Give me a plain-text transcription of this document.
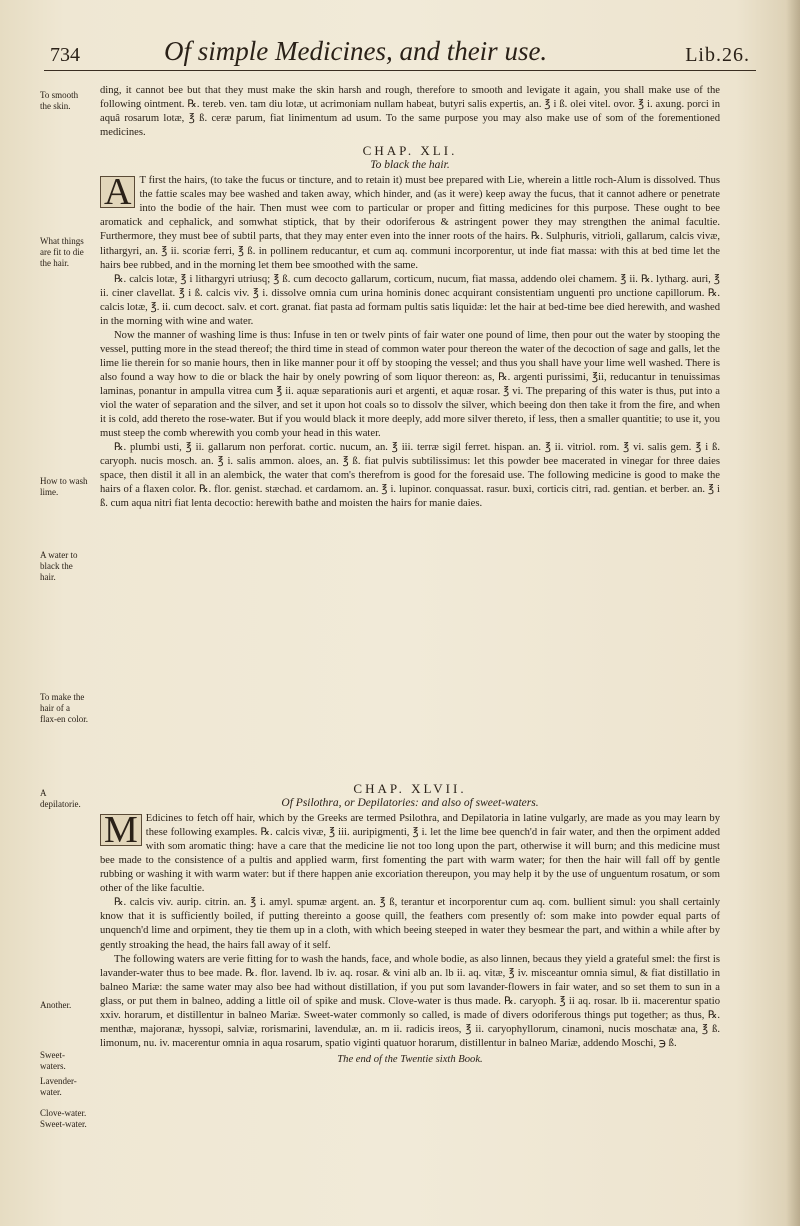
734	Of simple Medicines, and their use.	Lib.26.
To smooth the skin.
What things are fit to die the hair.
How to wash lime.
A water to black the hair.
To make the hair of a flax-en color.
A depilatorie.
Another.
Sweet-waters.
Lavender-water.
Clove-water. Sweet-water.

ding, it cannot bee but that they must make the skin harsh and rough, therefore to smooth and levigate it again, you shall make use of the following ointment. ℞. tereb. ven. tam diu lotæ, ut acrimoniam nullam habeat, butyri salis expertis, an. ℥ i ß. olei vitel. ovor. ℥ i. axung. porci in aquâ rosarum lotæ, ℥ ß. ceræ parum, fiat linimentum ad usum. To the same purpose you may also make use of som of the forementioned medicines.

CHAP. XLI.
To black the hair.

A T first the hairs, (to take the fucus or tincture, and to retain it) must bee prepared with Lie, wherein a little roch-Alum is dissolved. Thus the fattie scales may bee washed and taken away, which hinder, and (as it were) keep away the fucus, that it cannot adhere or penetrate into the bodie of the hair. Then must wee com to particular or proper and fitting medicines for this purpose. These ought to bee aromatick and cephalick, and somwhat stiptick, that by their odoriferous & astringent power they may strengthen the animal facultie. Furthermore, they must bee of subtil parts, that they may enter even into the inner roots of the hairs. ℞. Sulphuris, vitrioli, gallarum, calcis vivæ, lithargyri, an. ℥ ii. scoriæ ferri, ℥ ß. in pollinem reducantur, et cum aq. communi incorporentur, ut inde fiat massa: with this at bed time let the hairs bee rubbed, and in the morning let them bee smoothed with the same.

℞. calcis lotæ, ℥ i lithargyri utriusq; ℥ ß. cum decocto gallarum, corticum, nucum, fiat massa, addendo olei chamem. ℥ ii. ℞. lytharg. auri, ℥ ii. ciner clavellat. ℥ i ß. calcis viv. ℥ i. dissolve omnia cum urina hominis donec acquirant consistentiam unguenti pro unctione capillorum. ℞. calcis lotæ, ℥. ii. cum decoct. salv. et cort. granat. fiat pasta ad formam pultis satis liquidæ: let the hair at bed-time bee died herewith, and washed in the morning with wine and water.

Now the manner of washing lime is thus: Infuse in ten or twelv pints of fair water one pound of lime, then pour out the water by stooping the vessel, putting more in the stead thereof; the third time in stead of common water pour thereon the water of the decoction of sage and galls, let the lime lie therein for so manie hours, then in like manner pour it off by stooping the vessel; and thus you shall have your lime well washed. There is also found a way how to die or black the hair by onely powring of som liquor thereon: as, ℞. argenti purissimi, ℥ii, reducantur in tenuissimas laminas, ponantur in ampulla vitrea cum ℥ ii. aquæ separationis auri et argenti, et aquæ rosar. ℥ vi. The preparing of this water is thus, put into a viol the water of separation and the silver, and set it upon hot coals so to dissolv the silver, which beeing don then take it from the fire, and when it is cold, add thereto the rose-water. But if you would black it more deeply, add more silver thereto, if less, then a smaller quantitie; to use it, you must steep the comb wherewith you comb your head in this water.

℞. plumbi usti, ℥ ii. gallarum non perforat. cortic. nucum, an. ℥ iii. terræ sigil ferret. hispan. an. ℥ ii. vitriol. rom. ℥ vi. salis gem. ℥ i ß. caryoph. nucis mosch. an. ℥ i. salis ammon. aloes, an. ℥ ß. fiat pulvis subtilissimus: let this powder bee macerated in vinegar for three daies space, then distil it all in an alembick, the water that com's therefrom is good for the foresaid use. The following medicine is good to make the hairs of a flaxen color. ℞. flor. genist. stæchad. et cardamom. an. ℥ i. lupinor. conquassat. rasur. buxi, corticis citri, rad. gentian. et berber. an. ℥ i ß. cum aqua nitri fiat lenta decoctio: herewith bathe and moisten the hairs for manie daies.

CHAP. XLVII.
Of Psilothra, or Depilatories: and also of sweet-waters.

M Edicines to fetch off hair, which by the Greeks are termed Psilothra, and Depilatoria in latine vulgarly, are made as you may learn by these following examples. ℞. calcis vivæ, ℥ iii. auripigmenti, ℥ i. let the lime bee quench'd in fair water, and then the orpiment added with som aromatic thing: have a care that the medicine lie not too long upon the part, otherwise it will burn; and this medicine must bee made to the consistence of a pultis and applied warm, first fomenting the part with warm water; for then the hair will fall off by gentle rubbing or washing it with warm water: but if there happen anie excoriation thereupon, you may help it by the use of unguentum rosatum, or som other of the like facultie.

℞. calcis viv. aurip. citrin. an. ℥ i. amyl. spumæ argent. an. ℥ ß, terantur et incorporentur cum aq. com. bullient simul: you shall certainly know that it is sufficiently boiled, if putting thereinto a goose quill, the feathers com presently of: som make into powder equal parts of unquench'd lime and orpiment, they tie them up in a cloth, with which beeing steeped in water they besmear the part, and within a while after by gently stroaking the head, the hairs fall away of it self.

The following waters are verie fitting for to wash the hands, face, and whole bodie, as also linnen, becaus they yield a grateful smel: the first is lavander-water thus to bee made. ℞. flor. lavend. lb iv. aq. rosar. & vini alb an. lb ii. aq. vitæ, ℥ iv. misceantur omnia simul, & fiat distillatio in balneo Mariæ: the same water may also bee had without distillation, if you put som lavander-flowers in fair water, and so set them to sun in a glass, or put them in balneo, adding a little oil of spike and musk. Clove-water is thus made. ℞. caryoph. ℥ ii aq. rosar. lb ii. macerentur spatio xxiv. horarum, et distillentur in balneo Mariæ. Sweet-water commonly so called, is made of divers odoriferous things put together; as thus, ℞. menthæ, majoranæ, hyssopi, salviæ, rorismarini, lavendulæ, an. m ii. radicis ireos, ℥ ii. caryophyllorum, cinamoni, nucis moschatæ ana, ℥ ß. limonum, nu. iv. macerentur omnia in aqua rosarum, spatio viginti quatuor horarum, distillentur in balneo Mariæ, addendo Moschi, ℈ ß.

The end of the Twentie sixth Book.
